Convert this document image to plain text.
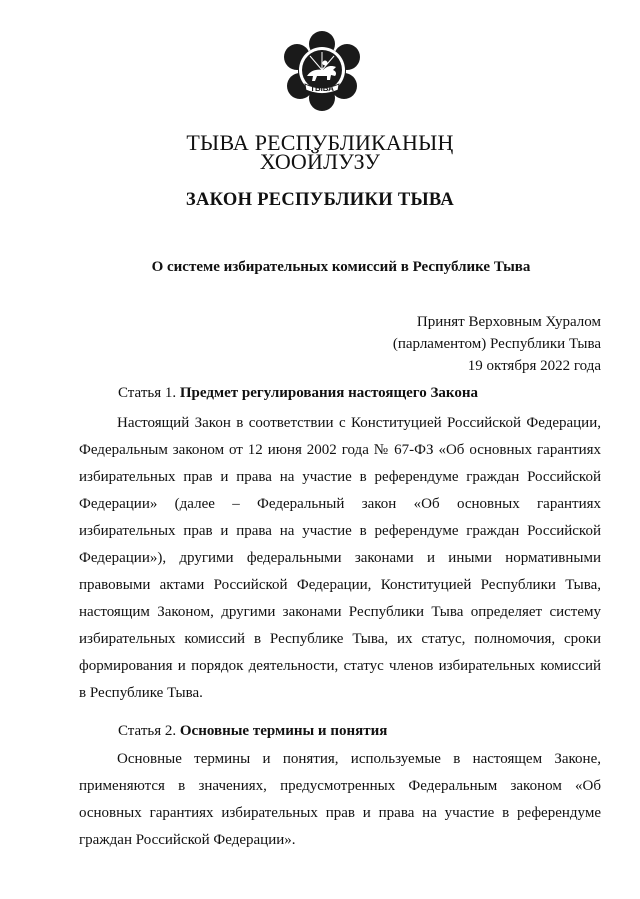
ТЫВА
ТЫВА РЕСПУБЛИКАНЫҢ
ХООЙЛУЗУ
ЗАКОН РЕСПУБЛИКИ ТЫВА
О системе избирательных комиссий в Республике Тыва
Принят Верховным Хуралом
(парламентом) Республики Тыва
19 октября 2022 года
Статья 1. Предмет регулирования настоящего Закона

Настоящий Закон в соответствии с Конституцией Российской Федерации, Федеральным законом от 12 июня 2002 года № 67-ФЗ «Об основных гарантиях избирательных прав и права на участие в референдуме граждан Российской Федерации» (далее – Федеральный закон «Об основных гарантиях избирательных прав и права на участие в референдуме граждан Российской Федерации»), другими федеральными законами и иными нормативными правовыми актами Российской Федерации, Конституцией Республики Тыва, настоящим Законом, другими законами Республики Тыва определяет систему избирательных комиссий в Республике Тыва, их статус, полномочия, сроки формирования и порядок деятельности, статус членов избирательных комиссий в Республике Тыва.

Статья 2. Основные термины и понятия

Основные термины и понятия, используемые в настоящем Законе, применяются в значениях, предусмотренных Федеральным законом «Об основных гарантиях избирательных прав и права на участие в референдуме граждан Российской Федерации».
